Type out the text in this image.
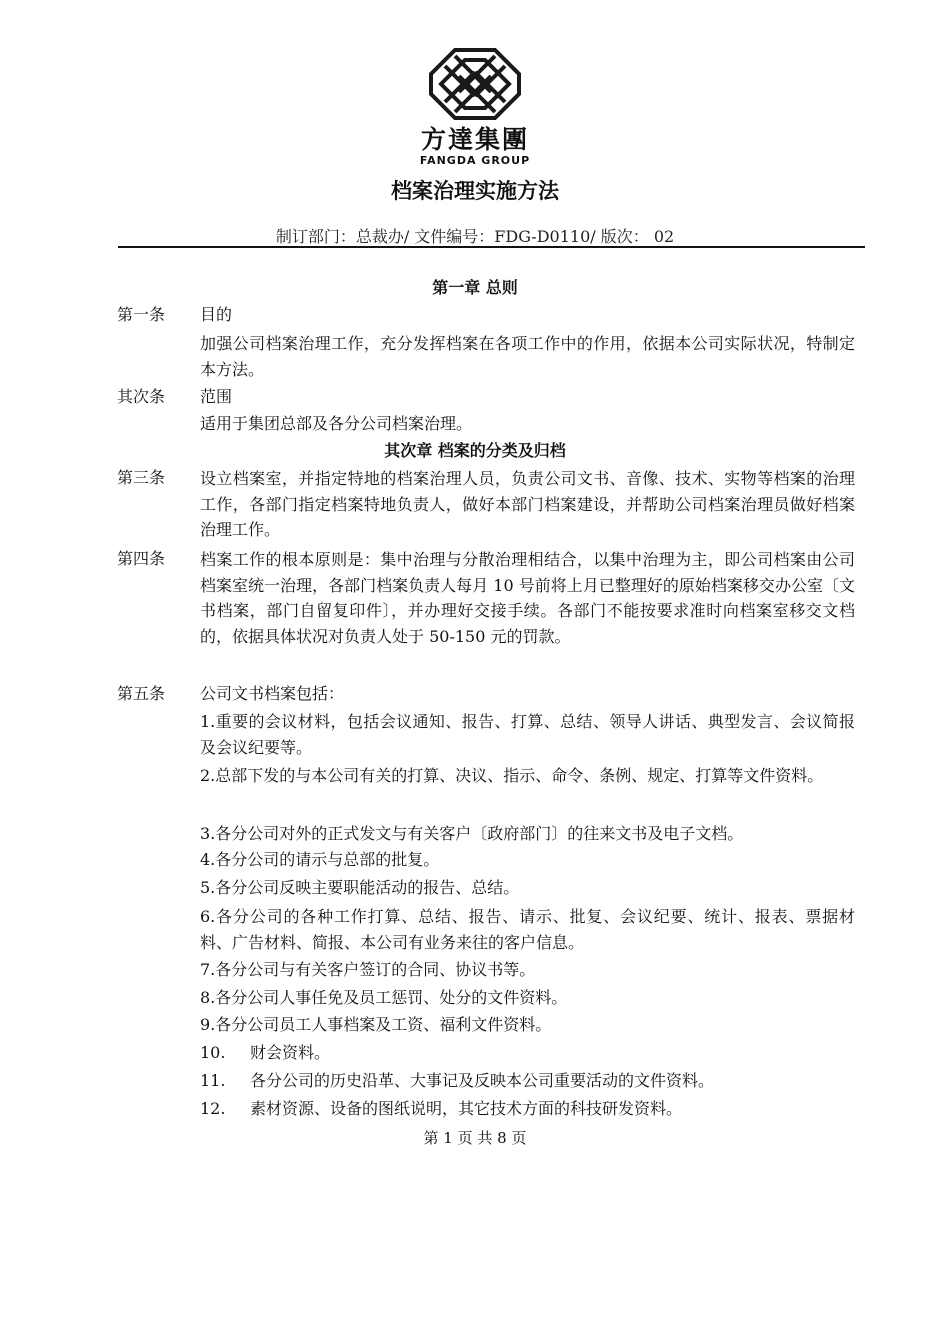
方達集團
FANGDA GROUP
档案治理实施方法
制订部门：总裁办/ 文件编号：FDG-D0110/ 版次： 02
第一章 总则
第一条 目的
加强公司档案治理工作，充分发挥档案在各项工作中的作用，依据本公司实际状况，特制定本方法。
其次条 范围
适用于集团总部及各分公司档案治理。
其次章 档案的分类及归档
第三条 设立档案室，并指定特地的档案治理人员，负责公司文书、音像、技术、实物等档案的治理工作，各部门指定档案特地负责人，做好本部门档案建设，并帮助公司档案治理员做好档案治理工作。
第四条 档案工作的根本原则是：集中治理与分散治理相结合，以集中治理为主，即公司档案由公司档案室统一治理，各部门档案负责人每月 10 号前将上月已整理好的原始档案移交办公室〔文书档案，部门自留复印件〕，并办理好交接手续。各部门不能按要求准时向档案室移交文档的，依据具体状况对负责人处于 50-150 元的罚款。
第五条 公司文书档案包括：
1.重要的会议材料，包括会议通知、报告、打算、总结、领导人讲话、典型发言、会议简报及会议纪要等。
2.总部下发的与本公司有关的打算、决议、指示、命令、条例、规定、打算等文件资料。
3.各分公司对外的正式发文与有关客户〔政府部门〕的往来文书及电子文档。
4.各分公司的请示与总部的批复。
5.各分公司反映主要职能活动的报告、总结。
6.各分公司的各种工作打算、总结、报告、请示、批复、会议纪要、统计、报表、票据材料、广告材料、简报、本公司有业务来往的客户信息。
7.各分公司与有关客户签订的合同、协议书等。
8.各分公司人事任免及员工惩罚、处分的文件资料。
9.各分公司员工人事档案及工资、福利文件资料。
10. 财会资料。
11. 各分公司的历史沿革、大事记及反映本公司重要活动的文件资料。
12. 素材资源、设备的图纸说明，其它技术方面的科技研发资料。
第 1 页 共 8 页
